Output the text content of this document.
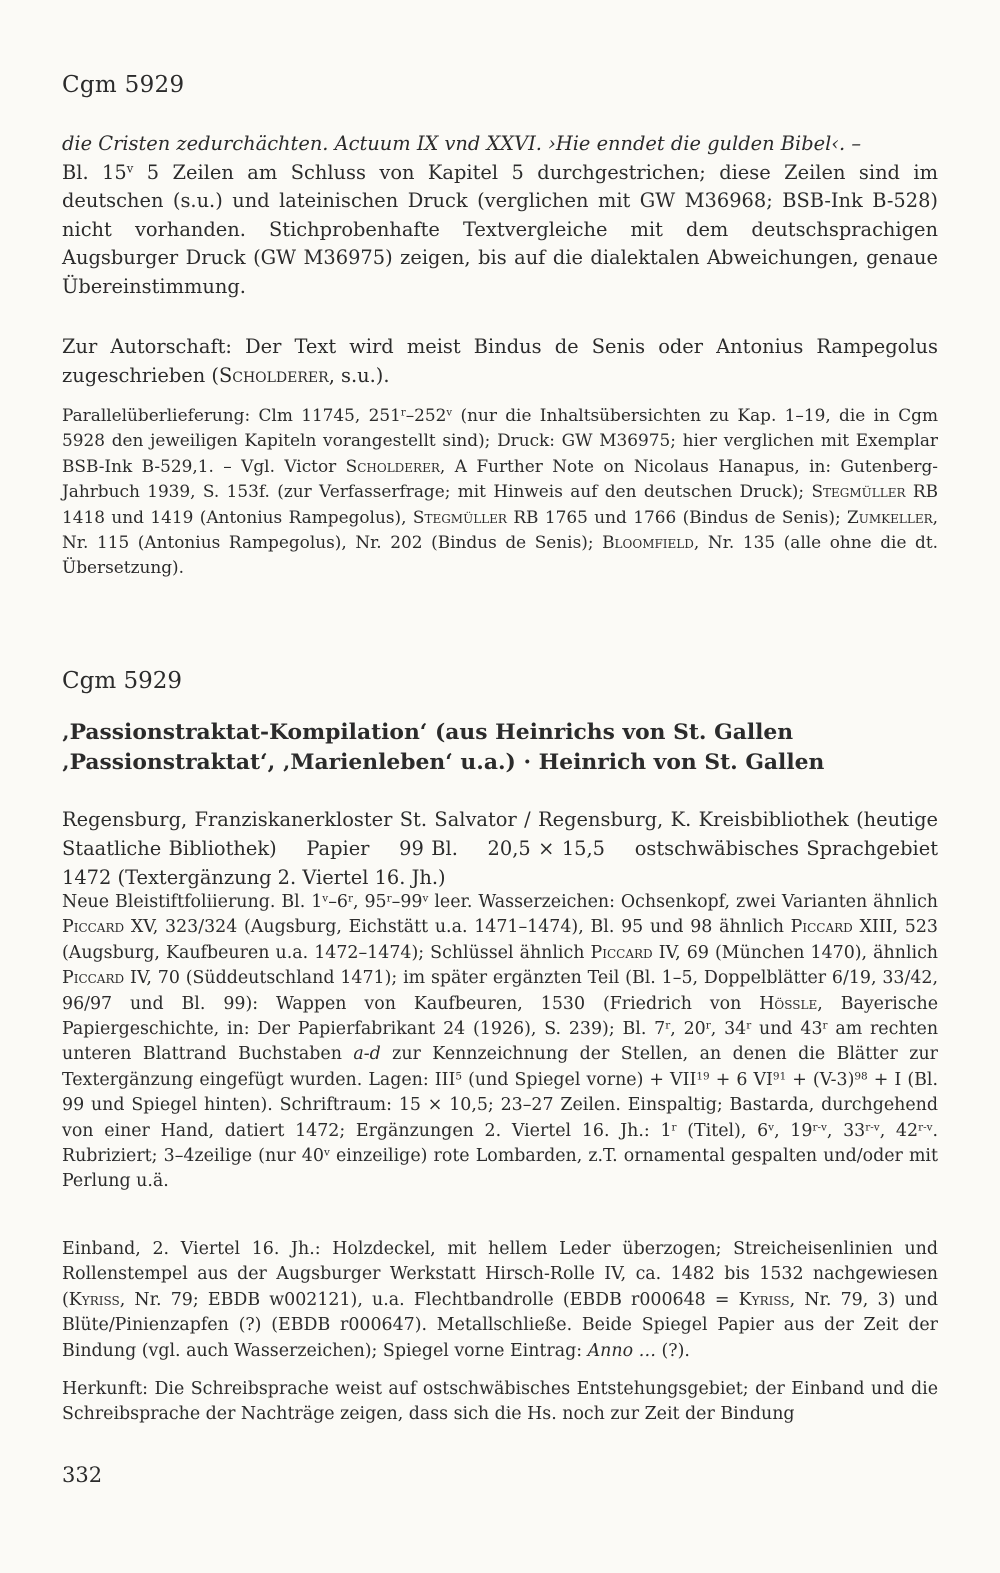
Cgm 5929

die Cristen zedurchächten. Actuum IX vnd XXVI. ›Hie enndet die gulden Bibel‹. –
Bl. 15$^v$ 5 Zeilen am Schluss von Kapitel 5 durchgestrichen; diese Zeilen sind im deutschen (s.u.) und lateinischen Druck (verglichen mit GW M36968; BSB-Ink B-528) nicht vorhanden. Stichprobenhafte Textvergleiche mit dem deutschsprachigen Augsburger Druck (GW M36975) zeigen, bis auf die dialektalen Abweichungen, genaue Übereinstimmung.

Zur Autorschaft: Der Text wird meist Bindus de Senis oder Antonius Rampegolus zugeschrieben (Scholderer, s.u.).

Parallelüberlieferung: Clm 11745, 251$^r$–252$^v$ (nur die Inhaltsübersichten zu Kap. 1–19, die in Cgm 5928 den jeweiligen Kapiteln vorangestellt sind); Druck: GW M36975; hier verglichen mit Exemplar BSB-Ink B-529,1. – Vgl. Victor Scholderer, A Further Note on Nicolaus Hanapus, in: Gutenberg-Jahrbuch 1939, S. 153f. (zur Verfasserfrage; mit Hinweis auf den deutschen Druck); Stegmüller RB 1418 und 1419 (Antonius Rampegolus), Stegmüller RB 1765 und 1766 (Bindus de Senis); Zumkeller, Nr. 115 (Antonius Rampegolus), Nr. 202 (Bindus de Senis); Bloomfield, Nr. 135 (alle ohne die dt. Übersetzung).

Cgm 5929

‚Passionstraktat-Kompilation‘ (aus Heinrichs von St. Gallen ‚Passionstraktat‘, ‚Marienleben‘ u.a.) · Heinrich von St. Gallen

Regensburg, Franziskanerkloster St. Salvator / Regensburg, K. Kreisbibliothek (heutige Staatliche Bibliothek)    Papier    99 Bl.    20,5 × 15,5    ostschwäbisches Sprachgebiet    1472 (Textergänzung 2. Viertel 16. Jh.)

Neue Bleistiftfoliierung. Bl. 1$^v$–6$^r$, 95$^r$–99$^v$ leer. Wasserzeichen: Ochsenkopf, zwei Varianten ähnlich Piccard XV, 323/324 (Augsburg, Eichstätt u.a. 1471–1474), Bl. 95 und 98 ähnlich Piccard XIII, 523 (Augsburg, Kaufbeuren u.a. 1472–1474); Schlüssel ähnlich Piccard IV, 69 (München 1470), ähnlich Piccard IV, 70 (Süddeutschland 1471); im später ergänzten Teil (Bl. 1–5, Doppelblätter 6/19, 33/42, 96/97 und Bl. 99): Wappen von Kaufbeuren, 1530 (Friedrich von Hössle, Bayerische Papiergeschichte, in: Der Papierfabrikant 24 (1926), S. 239); Bl. 7$^r$, 20$^r$, 34$^r$ und 43$^r$ am rechten unteren Blattrand Buchstaben a-d zur Kennzeichnung der Stellen, an denen die Blätter zur Textergänzung eingefügt wurden. Lagen: III$^5$ (und Spiegel vorne) + $VII^{19} + 6$ $VI^{91} + (V-3)^{98} + I$ (Bl. 99 und Spiegel hinten). Schriftraum: 15 × 10,5; 23–27 Zeilen. Einspaltig; Bastarda, durchgehend von einer Hand, datiert 1472; Ergänzungen 2. Viertel 16. Jh.: 1$^r$ (Titel), 6$^v$, 19$^{r-v}$, 33$^{r-v}$, 42$^{r-v}$. Rubriziert; 3–4zeilige (nur 40$^v$ einzeilige) rote Lombarden, z.T. ornamental gespalten und/oder mit Perlung u.ä.

Einband, 2. Viertel 16. Jh.: Holzdeckel, mit hellem Leder überzogen; Streicheisenlinien und Rollenstempel aus der Augsburger Werkstatt Hirsch-Rolle IV, ca. 1482 bis 1532 nachgewiesen (Kyriss, Nr. 79; EBDB w002121), u.a. Flechtbandrolle (EBDB r000648 = Kyriss, Nr. 79, 3) und Blüte/Pinienzapfen (?) (EBDB r000647). Metallschließe. Beide Spiegel Papier aus der Zeit der Bindung (vgl. auch Wasserzeichen); Spiegel vorne Eintrag: Anno … (?).

Herkunft: Die Schreibsprache weist auf ostschwäbisches Entstehungsgebiet; der Einband und die Schreibsprache der Nachträge zeigen, dass sich die Hs. noch zur Zeit der Bindung

332
